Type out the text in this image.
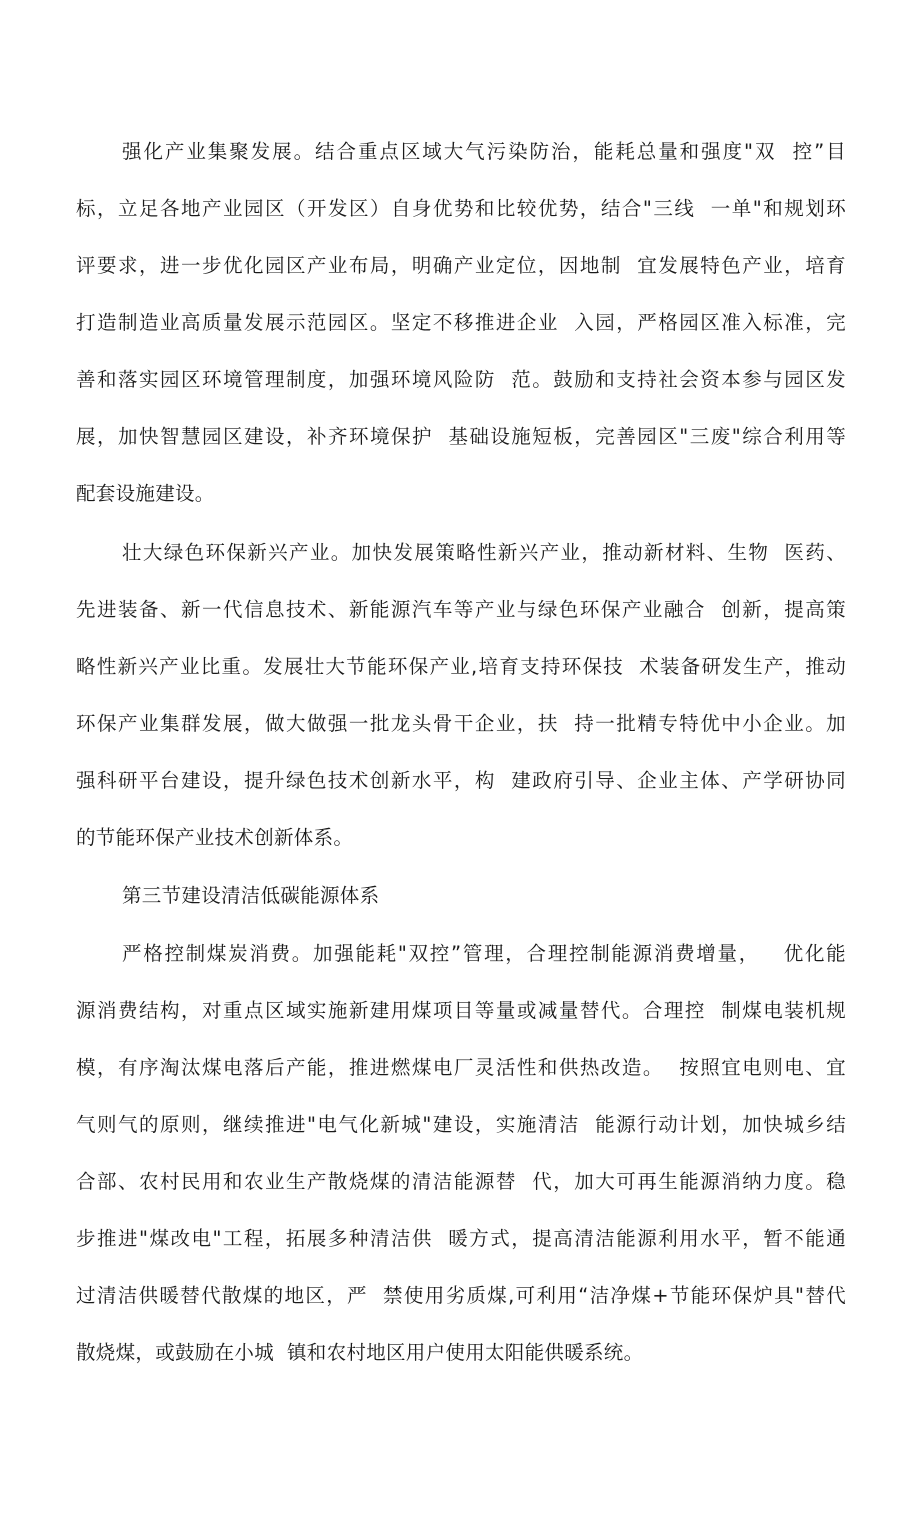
强化产业集聚发展。结合重点区域大气污染防治，能耗总量和强度"双  控”目
标，立足各地产业园区（开发区）自身优势和比较优势，结合"三线  一单"和规划环
评要求，进一步优化园区产业布局，明确产业定位，因地制  宜发展特色产业，培育
打造制造业高质量发展示范园区。坚定不移推进企业  入园，严格园区准入标准，完
善和落实园区环境管理制度，加强环境风险防  范。鼓励和支持社会资本参与园区发
展，加快智慧园区建设，补齐环境保护  基础设施短板，完善园区"三废"综合利用等
配套设施建设。
壮大绿色环保新兴产业。加快发展策略性新兴产业，推动新材料、生物  医药、
先进装备、新一代信息技术、新能源汽车等产业与绿色环保产业融合  创新，提高策
略性新兴产业比重。发展壮大节能环保产业,培育支持环保技  术装备研发生产，推动
环保产业集群发展，做大做强一批龙头骨干企业，扶  持一批精专特优中小企业。加
强科研平台建设，提升绿色技术创新水平，构  建政府引导、企业主体、产学研协同
的节能环保产业技术创新体系。
第三节建设清洁低碳能源体系
严格控制煤炭消费。加强能耗"双控”管理，合理控制能源消费增量，   优化能
源消费结构，对重点区域实施新建用煤项目等量或减量替代。合理控  制煤电装机规
模，有序淘汰煤电落后产能，推进燃煤电厂灵活性和供热改造。  按照宜电则电、宜
气则气的原则，继续推进"电气化新城"建设，实施清洁  能源行动计划，加快城乡结
合部、农村民用和农业生产散烧煤的清洁能源替  代，加大可再生能源消纳力度。稳
步推进"煤改电"工程，拓展多种清洁供  暖方式，提高清洁能源利用水平，暂不能通
过清洁供暖替代散煤的地区，严  禁使用劣质煤,可利用“洁净煤+节能环保炉具"替代
散烧煤，或鼓励在小城  镇和农村地区用户使用太阳能供暖系统。
